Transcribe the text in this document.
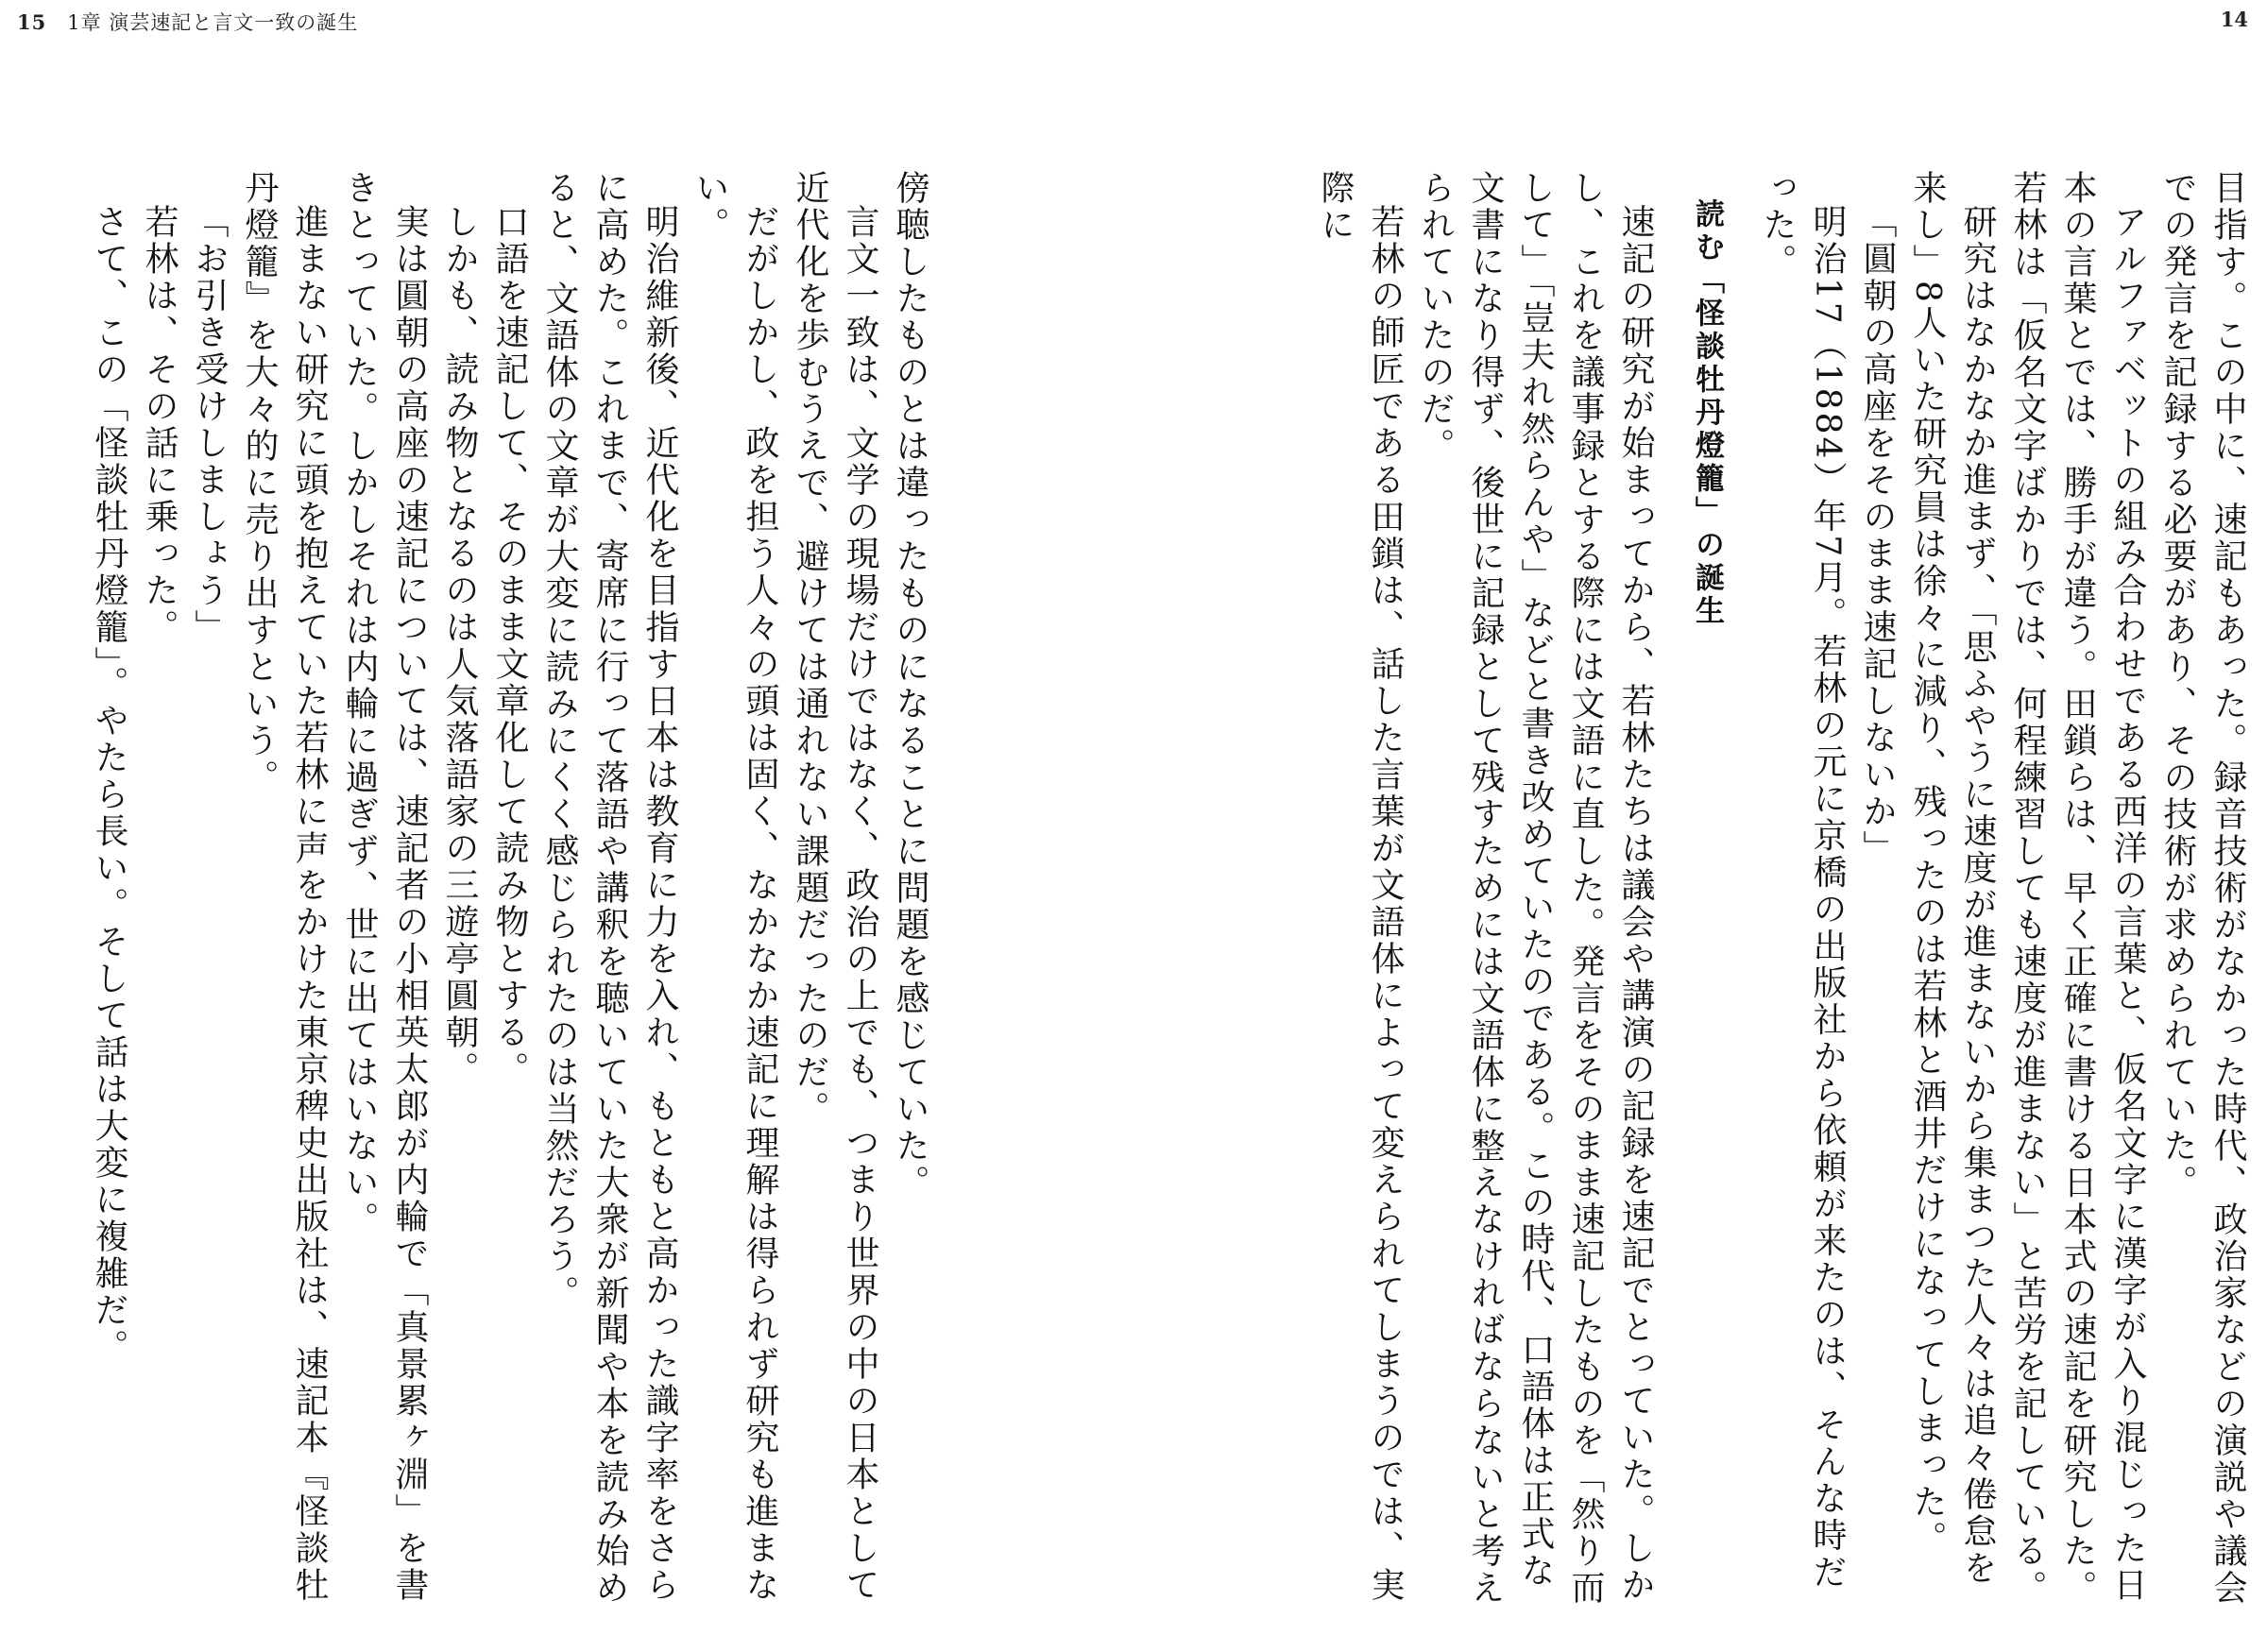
15 1章 演芸速記と言文一致の誕生	14

目指す。この中に、速記もあった。録音技術がなかった時代、政治家などの演説や議会での発言を記録する必要があり、その技術が求められていた。

アルファベットの組み合わせである西洋の言葉と、仮名文字に漢字が入り混じった日本の言葉とでは、勝手が違う。田鎖らは、早く正確に書ける日本式の速記を研究した。若林は「仮名文字ばかりでは、何程練習しても速度が進まない」と苦労を記している。

研究はなかなか進まず、「思ふやうに速度が進まないから集まつた人々は追々倦怠を来し」8人いた研究員は徐々に減り、残ったのは若林と酒井だけになってしまった。

「圓朝の高座をそのまま速記しないか」

明治17（1884）年7月。若林の元に京橋の出版社から依頼が来たのは、そんな時だった。

読む「怪談牡丹燈籠」の誕生

速記の研究が始まってから、若林たちは議会や講演の記録を速記でとっていた。しかし、これを議事録とする際には文語に直した。発言をそのまま速記したものを「然り而して」「豈夫れ然らんや」などと書き改めていたのである。この時代、口語体は正式な文書になり得ず、後世に記録として残すためには文語体に整えなければならないと考えられていたのだ。

若林の師匠である田鎖は、話した言葉が文語体によって変えられてしまうのでは、実際に

傍聴したものとは違ったものになることに問題を感じていた。

言文一致は、文学の現場だけではなく、政治の上でも、つまり世界の中の日本として近代化を歩むうえで、避けては通れない課題だったのだ。

だがしかし、政を担う人々の頭は固く、なかなか速記に理解は得られず研究も進まない。

明治維新後、近代化を目指す日本は教育に力を入れ、もともと高かった識字率をさらに高めた。これまで、寄席に行って落語や講釈を聴いていた大衆が新聞や本を読み始めると、文語体の文章が大変に読みにくく感じられたのは当然だろう。

口語を速記して、そのまま文章化して読み物とする。

しかも、読み物となるのは人気落語家の三遊亭圓朝。

実は圓朝の高座の速記については、速記者の小相英太郎が内輪で「真景累ヶ淵」を書きとっていた。しかしそれは内輪に過ぎず、世に出てはいない。

進まない研究に頭を抱えていた若林に声をかけた東京稗史出版社は、速記本『怪談牡丹燈籠』を大々的に売り出すという。

「お引き受けしましょう」

若林は、その話に乗った。

さて、この「怪談牡丹燈籠」。やたら長い。そして話は大変に複雑だ。
